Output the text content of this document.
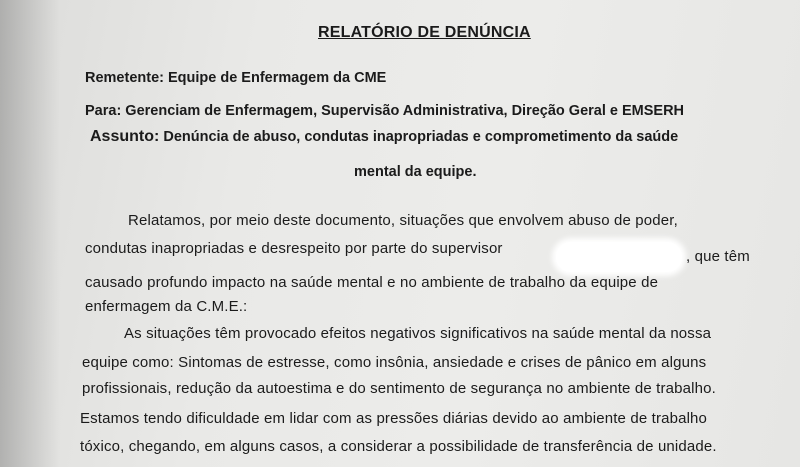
RELATÓRIO DE DENÚNCIA
Remetente: Equipe de Enfermagem da CME
Para: Gerenciam de Enfermagem, Supervisão Administrativa, Direção Geral e EMSERH
Assunto: Denúncia de abuso, condutas inapropriadas e comprometimento da saúde
mental da equipe.
Relatamos, por meio deste documento, situações que envolvem abuso de poder,
condutas inapropriadas e desrespeito por parte do supervisor	, que têm
causado profundo impacto na saúde mental e no ambiente de trabalho da equipe de
enfermagem da C.M.E.:
As situações têm provocado efeitos negativos significativos na saúde mental da nossa
equipe como: Sintomas de estresse, como insônia, ansiedade e crises de pânico em alguns
profissionais, redução da autoestima e do sentimento de segurança no ambiente de trabalho.
Estamos tendo dificuldade em lidar com as pressões diárias devido ao ambiente de trabalho
tóxico, chegando, em alguns casos, a considerar a possibilidade de transferência de unidade.
